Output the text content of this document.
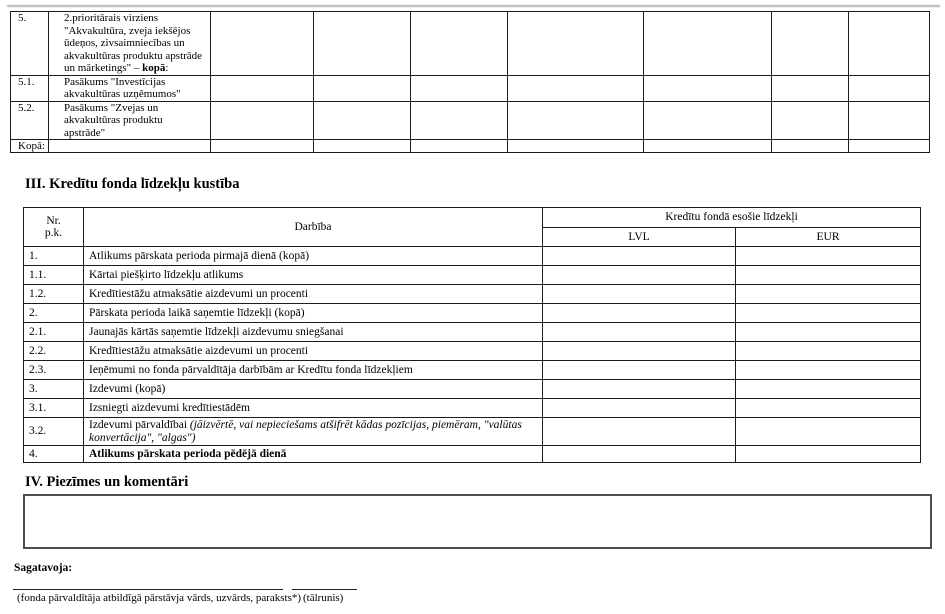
5.	2.prioritārais virziens
"Akvakultūra, zveja iekšējos
ūdeņos, zivsaimniecības un
akvakultūras produktu apstrāde
un mārketings" – kopā:							

5.1.	Pasākums "Investīcijas
akvakultūras uzņēmumos"							

5.2.	Pasākums "Zvejas un
akvakultūras produktu apstrāde"							

Kopā:								
III. Kredītu fonda līdzekļu kustība
Nr.
p.k.	Darbība	Kredītu fondā esošie līdzekļi	
		LVL	EUR
1.	Atlikums pārskata perioda pirmajā dienā (kopā)		
1.1.	Kārtai piešķirto līdzekļu atlikums		
1.2.	Kredītiestāžu atmaksātie aizdevumi un procenti		
2.	Pārskata perioda laikā saņemtie līdzekļi (kopā)		
2.1.	Jaunajās kārtās saņemtie līdzekļi aizdevumu sniegšanai		
2.2.	Kredītiestāžu atmaksātie aizdevumi un procenti		
2.3.	Ieņēmumi no fonda pārvaldītāja darbībām ar Kredītu fonda līdzekļiem		
3.	Izdevumi (kopā)		
3.1.	Izsniegti aizdevumi kredītiestādēm		
3.2.	Izdevumi pārvaldībai (jāizvērtē, vai nepieciešams atšifrēt kādas pozīcijas, piemēram, "valūtas konvertācija", "algas")		
4.	Atlikums pārskata perioda pēdējā dienā		
IV. Piezīmes un komentāri
Sagatavoja:
(fonda pārvaldītāja atbildīgā pārstāvja vārds, uzvārds, paraksts*) (tālrunis)
